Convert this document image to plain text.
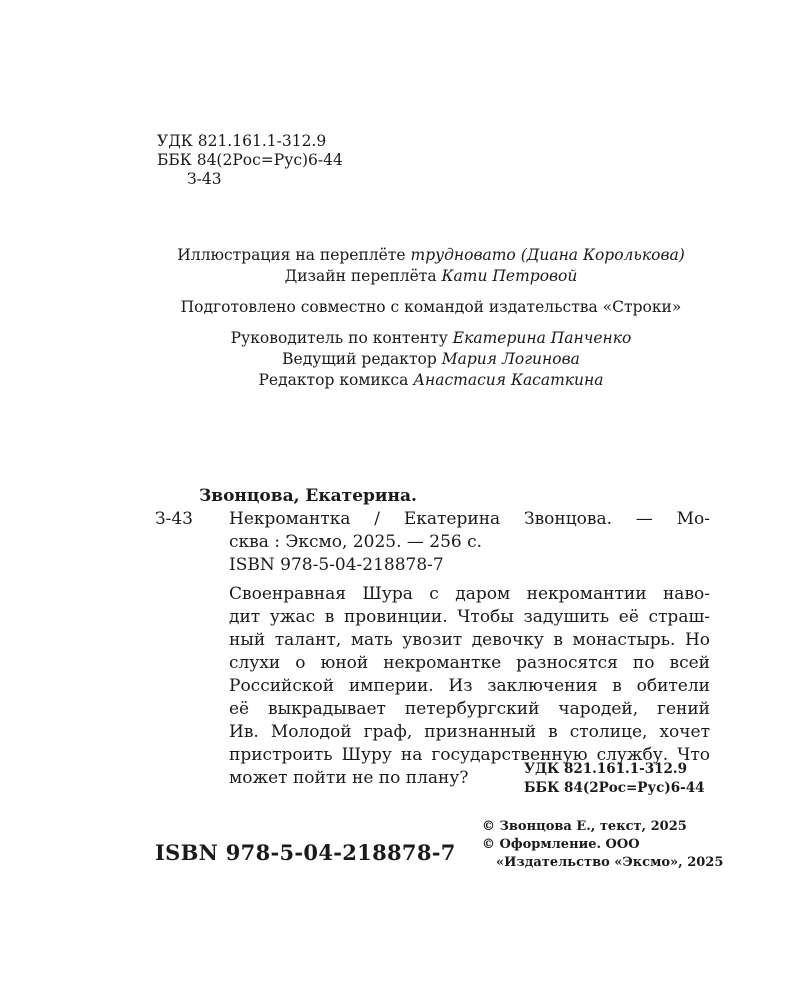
УДК 821.161.1-312.9
ББК 84(2Рос=Рус)6-44
З-43
Иллюстрация на переплёте трудновато (Диана Королькова)
Дизайн переплёта Кати Петровой
Подготовлено совместно с командой издательства «Строки»
Руководитель по контенту Екатерина Панченко
Ведущий редактор Мария Логинова
Редактор комикса Анастасия Касаткина
Звонцова, Екатерина.
З-43	Некромантка / Екатерина Звонцова. — Мо-
сква : Эксмо, 2025. — 256 с.
ISBN 978-5-04-218878-7
Своенравная Шура с даром некромантии наво-
дит ужас в провинции. Чтобы задушить её страш-
ный талант, мать увозит девочку в монастырь. Но
слухи о юной некромантке разносятся по всей
Российской империи. Из заключения в обители
её выкрадывает петербургский чародей, гений
Ив. Молодой граф, признанный в столице, хочет
пристроить Шуру на государственную службу. Что
может пойти не по плану?	УДК 821.161.1-312.9
ББК 84(2Рос=Рус)6-44
© Звонцова Е., текст, 2025
© Оформление. ООО
«Издательство «Эксмо», 2025
ISBN 978-5-04-218878-7
